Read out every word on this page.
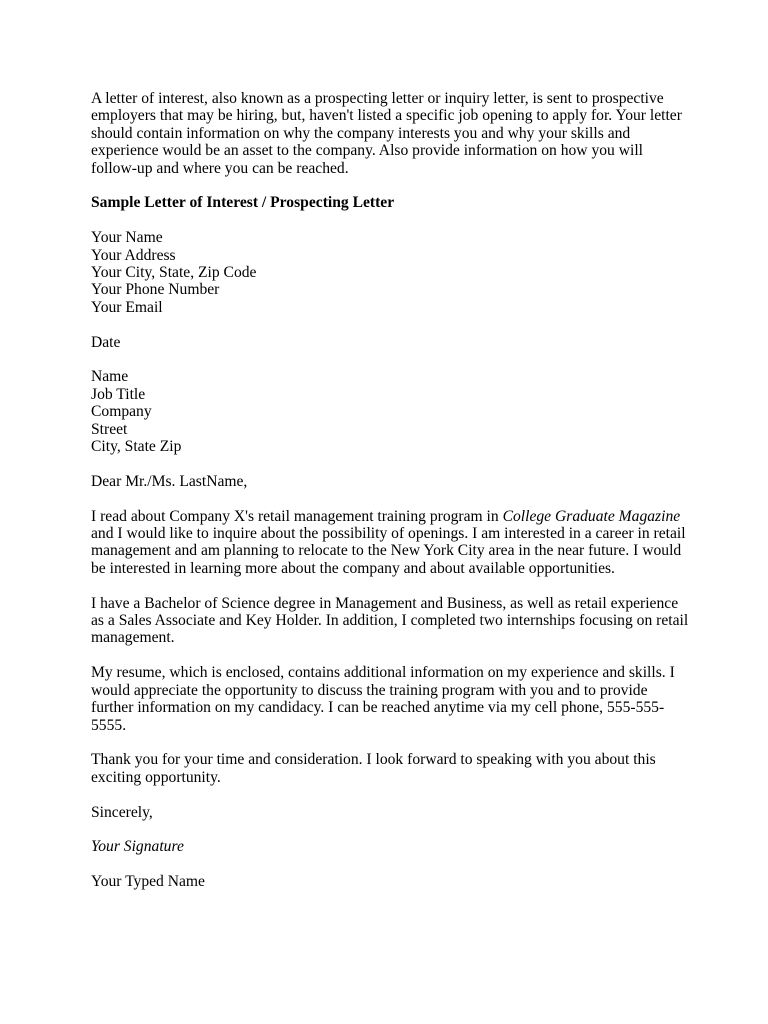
A letter of interest, also known as a prospecting letter or inquiry letter, is sent to prospective employers that may be hiring, but, haven't listed a specific job opening to apply for. Your letter should contain information on why the company interests you and why your skills and experience would be an asset to the company. Also provide information on how you will follow-up and where you can be reached.

Sample Letter of Interest / Prospecting Letter

Your Name
Your Address
Your City, State, Zip Code
Your Phone Number
Your Email

Date

Name
Job Title
Company
Street
City, State Zip

Dear Mr./Ms. LastName,

I read about Company X's retail management training program in College Graduate Magazine and I would like to inquire about the possibility of openings. I am interested in a career in retail management and am planning to relocate to the New York City area in the near future. I would be interested in learning more about the company and about available opportunities.

I have a Bachelor of Science degree in Management and Business, as well as retail experience as a Sales Associate and Key Holder. In addition, I completed two internships focusing on retail management.

My resume, which is enclosed, contains additional information on my experience and skills. I would appreciate the opportunity to discuss the training program with you and to provide further information on my candidacy. I can be reached anytime via my cell phone, 555-555-5555.

Thank you for your time and consideration. I look forward to speaking with you about this exciting opportunity.

Sincerely,

Your Signature

Your Typed Name
